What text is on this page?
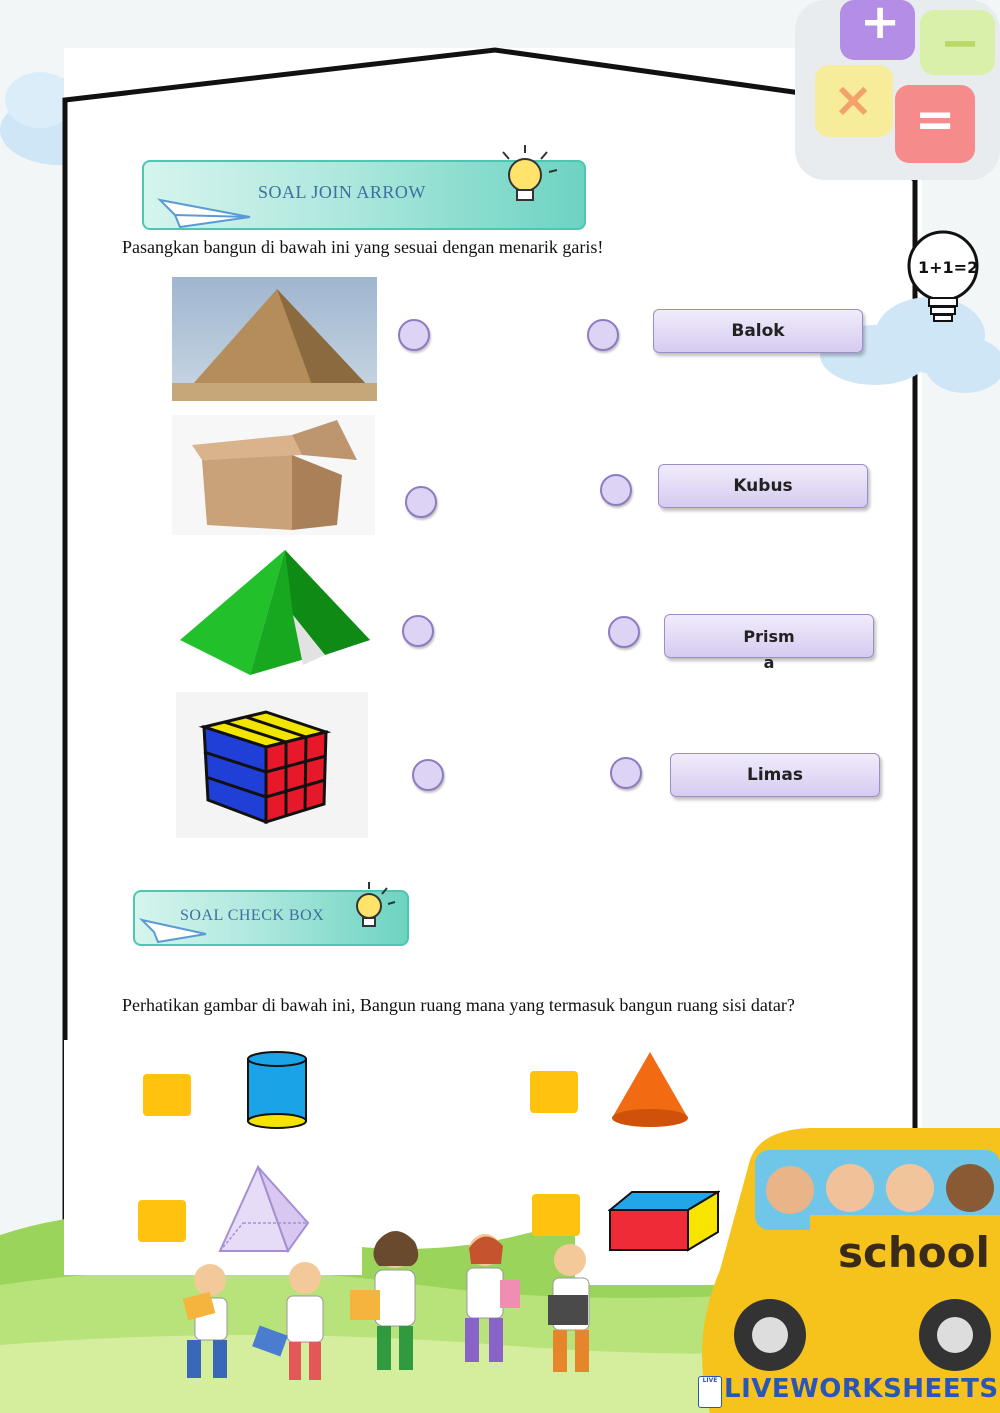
+ −
× =
1+1=2
SOAL JOIN ARROW
Pasangkan bangun di bawah ini yang sesuai dengan menarik garis!
Balok
Kubus
Prism
a
Limas
SOAL CHECK BOX
Perhatikan gambar di bawah ini, Bangun ruang mana yang termasuk bangun ruang sisi datar?
school
LIVE LIVEWORKSHEETS
